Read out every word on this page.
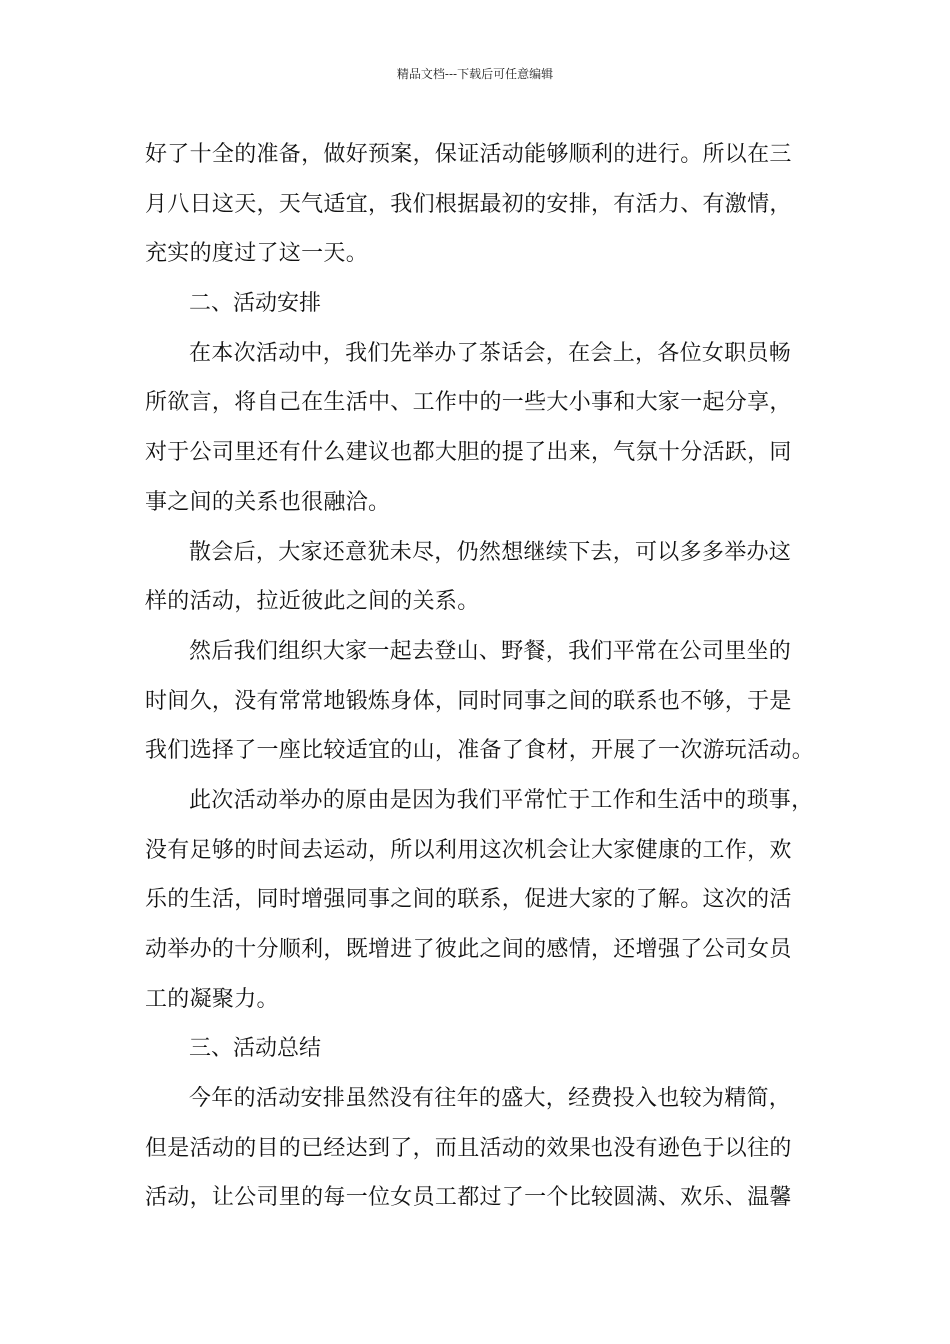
精品文档---下载后可任意编辑

好了十全的准备，做好预案，保证活动能够顺利的进行。所以在三
月八日这天，天气适宜，我们根据最初的安排，有活力、有激情，
充实的度过了这一天。

二、活动安排

在本次活动中，我们先举办了茶话会，在会上，各位女职员畅
所欲言，将自己在生活中、工作中的一些大小事和大家一起分享，
对于公司里还有什么建议也都大胆的提了出来，气氛十分活跃，同
事之间的关系也很融洽。

散会后，大家还意犹未尽，仍然想继续下去，可以多多举办这
样的活动，拉近彼此之间的关系。

然后我们组织大家一起去登山、野餐，我们平常在公司里坐的
时间久，没有常常地锻炼身体，同时同事之间的联系也不够，于是
我们选择了一座比较适宜的山，准备了食材，开展了一次游玩活动。

此次活动举办的原由是因为我们平常忙于工作和生活中的琐事，
没有足够的时间去运动，所以利用这次机会让大家健康的工作，欢
乐的生活，同时增强同事之间的联系，促进大家的了解。这次的活
动举办的十分顺利，既增进了彼此之间的感情，还增强了公司女员
工的凝聚力。

三、活动总结

今年的活动安排虽然没有往年的盛大，经费投入也较为精简，
但是活动的目的已经达到了，而且活动的效果也没有逊色于以往的
活动，让公司里的每一位女员工都过了一个比较圆满、欢乐、温馨
